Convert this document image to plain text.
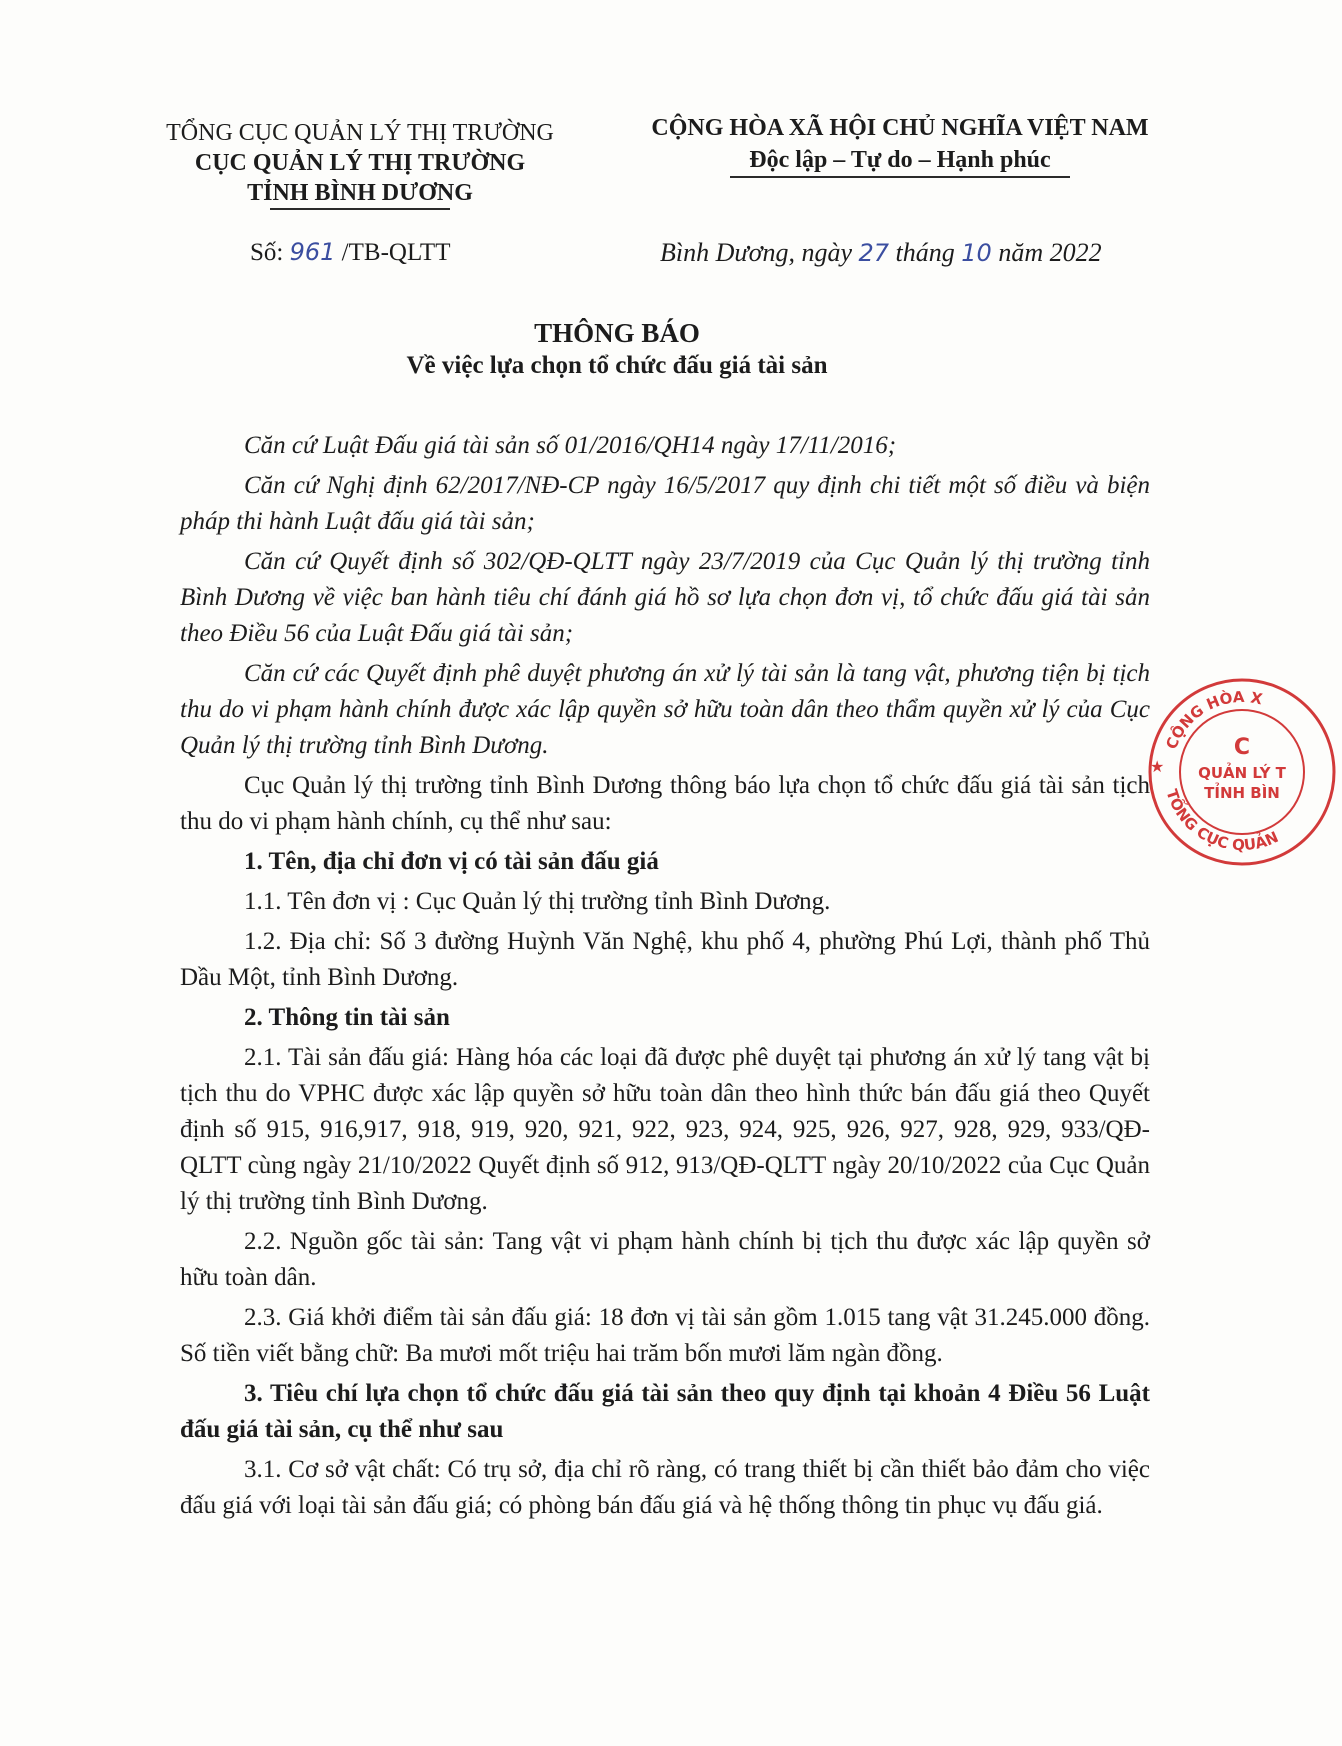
TỔNG CỤC QUẢN LÝ THỊ TRƯỜNG
CỤC QUẢN LÝ THỊ TRƯỜNG
TỈNH BÌNH DƯƠNG
CỘNG HÒA XÃ HỘI CHỦ NGHĨA VIỆT NAM
Độc lập – Tự do – Hạnh phúc
Số: 961 /TB-QLTT	Bình Dương, ngày 27 tháng 10 năm 2022
THÔNG BÁO
Về việc lựa chọn tổ chức đấu giá tài sản

Căn cứ Luật Đấu giá tài sản số 01/2016/QH14 ngày 17/11/2016;

Căn cứ Nghị định 62/2017/NĐ-CP ngày 16/5/2017 quy định chi tiết một số điều và biện pháp thi hành Luật đấu giá tài sản;

Căn cứ Quyết định số 302/QĐ-QLTT ngày 23/7/2019 của Cục Quản lý thị trường tỉnh Bình Dương về việc ban hành tiêu chí đánh giá hồ sơ lựa chọn đơn vị, tổ chức đấu giá tài sản theo Điều 56 của Luật Đấu giá tài sản;

Căn cứ các Quyết định phê duyệt phương án xử lý tài sản là tang vật, phương tiện bị tịch thu do vi phạm hành chính được xác lập quyền sở hữu toàn dân theo thẩm quyền xử lý của Cục Quản lý thị trường tỉnh Bình Dương.

Cục Quản lý thị trường tỉnh Bình Dương thông báo lựa chọn tổ chức đấu giá tài sản tịch thu do vi phạm hành chính, cụ thể như sau:

1. Tên, địa chỉ đơn vị có tài sản đấu giá

1.1. Tên đơn vị : Cục Quản lý thị trường tỉnh Bình Dương.

1.2. Địa chỉ: Số 3 đường Huỳnh Văn Nghệ, khu phố 4, phường Phú Lợi, thành phố Thủ Dầu Một, tỉnh Bình Dương.

2. Thông tin tài sản

2.1. Tài sản đấu giá: Hàng hóa các loại đã được phê duyệt tại phương án xử lý tang vật bị tịch thu do VPHC được xác lập quyền sở hữu toàn dân theo hình thức bán đấu giá theo Quyết định số 915, 916,917, 918, 919, 920, 921, 922, 923, 924, 925, 926, 927, 928, 929, 933/QĐ-QLTT cùng ngày 21/10/2022 Quyết định số 912, 913/QĐ-QLTT ngày 20/10/2022 của Cục Quản lý thị trường tỉnh Bình Dương.

2.2. Nguồn gốc tài sản: Tang vật vi phạm hành chính bị tịch thu được xác lập quyền sở hữu toàn dân.

2.3. Giá khởi điểm tài sản đấu giá: 18 đơn vị tài sản gồm 1.015 tang vật 31.245.000 đồng. Số tiền viết bằng chữ: Ba mươi mốt triệu hai trăm bốn mươi lăm ngàn đồng.

3. Tiêu chí lựa chọn tổ chức đấu giá tài sản theo quy định tại khoản 4 Điều 56 Luật đấu giá tài sản, cụ thể như sau

3.1. Cơ sở vật chất: Có trụ sở, địa chỉ rõ ràng, có trang thiết bị cần thiết bảo đảm cho việc đấu giá với loại tài sản đấu giá; có phòng bán đấu giá và hệ thống thông tin phục vụ đấu giá.

CỘNG HÒA X
TỔNG CỤC QUẢN
★
C
QUẢN LÝ T
TỈNH BÌN
